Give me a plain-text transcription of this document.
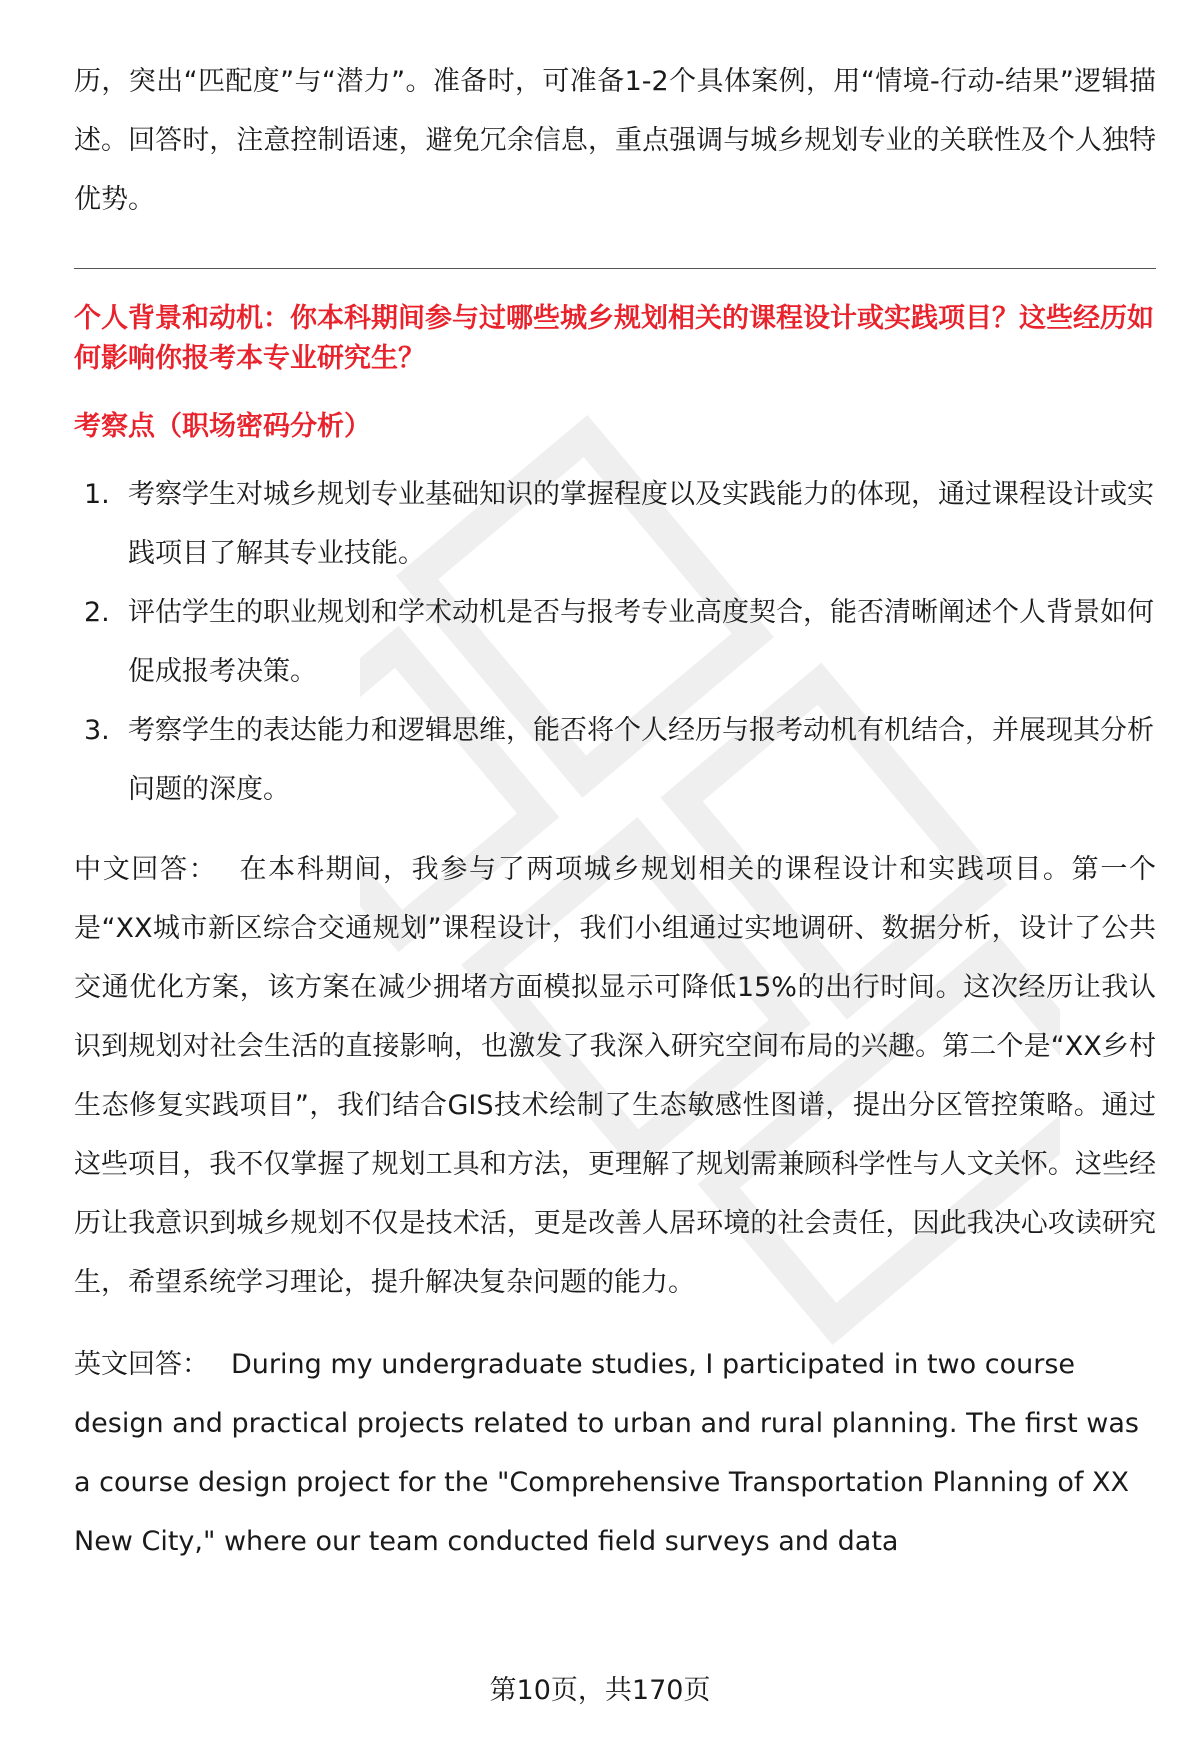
历，突出“匹配度”与“潜力”。准备时，可准备1-2个具体案例，用“情境-行动-结果”逻辑描述。回答时，注意控制语速，避免冗余信息，重点强调与城乡规划专业的关联性及个人独特优势。

个人背景和动机：你本科期间参与过哪些城乡规划相关的课程设计或实践项目？这些经历如何影响你报考本专业研究生？

考察点（职场密码分析）

1. 考察学生对城乡规划专业基础知识的掌握程度以及实践能力的体现，通过课程设计或实践项目了解其专业技能。
2. 评估学生的职业规划和学术动机是否与报考专业高度契合，能否清晰阐述个人背景如何促成报考决策。
3. 考察学生的表达能力和逻辑思维，能否将个人经历与报考动机有机结合，并展现其分析问题的深度。

中文回答： 在本科期间，我参与了两项城乡规划相关的课程设计和实践项目。第一个是“XX城市新区综合交通规划”课程设计，我们小组通过实地调研、数据分析，设计了公共交通优化方案，该方案在减少拥堵方面模拟显示可降低15%的出行时间。这次经历让我认识到规划对社会生活的直接影响，也激发了我深入研究空间布局的兴趣。第二个是“XX乡村生态修复实践项目”，我们结合GIS技术绘制了生态敏感性图谱，提出分区管控策略。通过这些项目，我不仅掌握了规划工具和方法，更理解了规划需兼顾科学性与人文关怀。这些经历让我意识到城乡规划不仅是技术活，更是改善人居环境的社会责任，因此我决心攻读研究生，希望系统学习理论，提升解决复杂问题的能力。

英文回答： During my undergraduate studies, I participated in two course design and practical projects related to urban and rural planning. The first was a course design project for the "Comprehensive Transportation Planning of XX New City," where our team conducted field surveys and data

第10页，共170页
